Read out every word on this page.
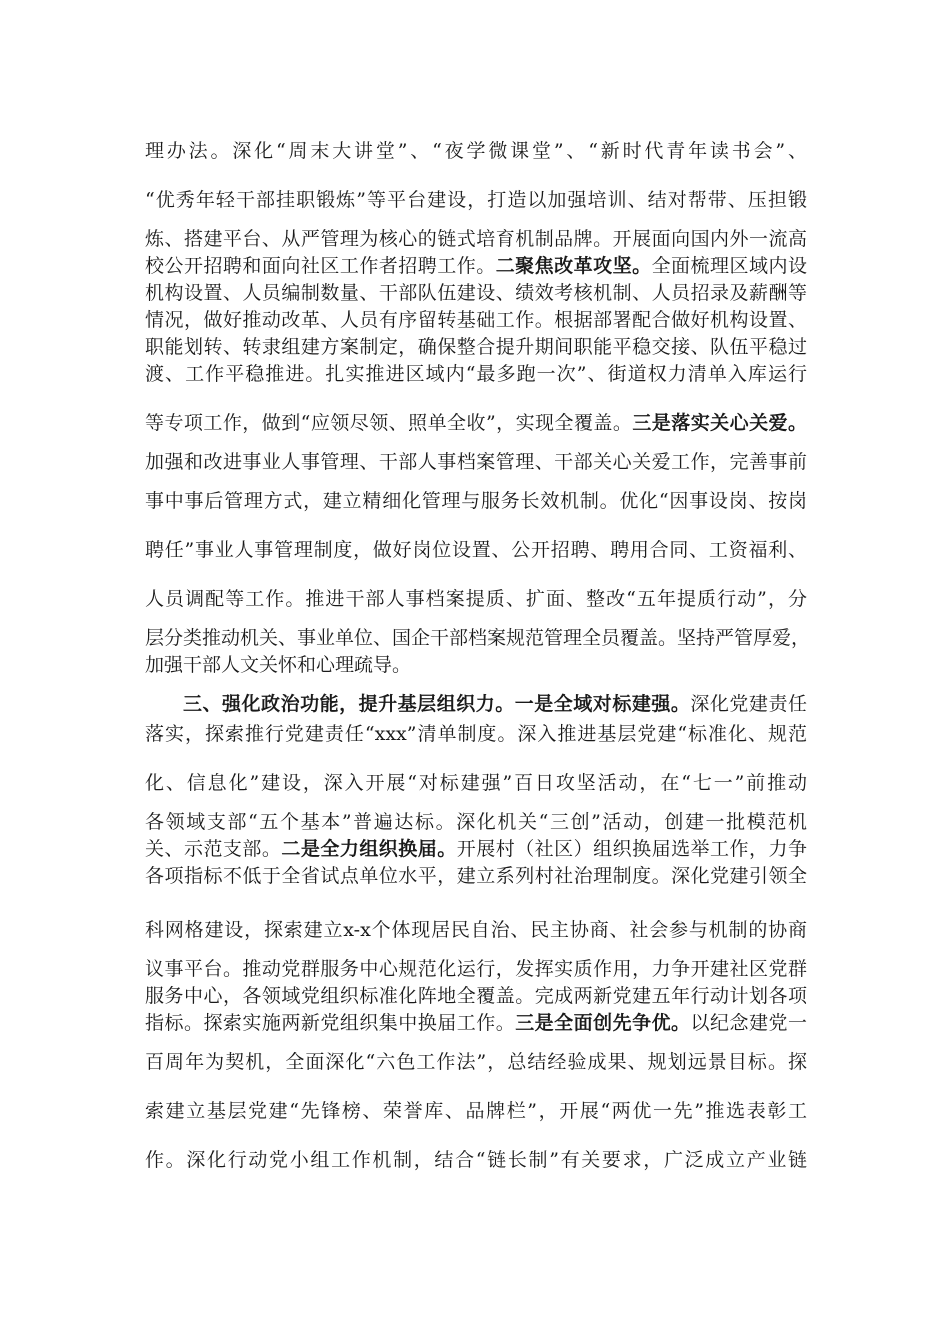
理办法。深化“周末大讲堂”、“夜学微课堂”、“新时代青年读书会”、
“优秀年轻干部挂职锻炼”等平台建设，打造以加强培训、结对帮带、压担锻
炼、搭建平台、从严管理为核心的链式培育机制品牌。开展面向国内外一流高
校公开招聘和面向社区工作者招聘工作。二聚焦改革攻坚。全面梳理区域内设
机构设置、人员编制数量、干部队伍建设、绩效考核机制、人员招录及薪酬等
情况，做好推动改革、人员有序留转基础工作。根据部署配合做好机构设置、
职能划转、转隶组建方案制定，确保整合提升期间职能平稳交接、队伍平稳过
渡、工作平稳推进。扎实推进区域内“最多跑一次”、街道权力清单入库运行
等专项工作，做到“应领尽领、照单全收”，实现全覆盖。三是落实关心关爱。
加强和改进事业人事管理、干部人事档案管理、干部关心关爱工作，完善事前
事中事后管理方式，建立精细化管理与服务长效机制。优化“因事设岗、按岗
聘任”事业人事管理制度，做好岗位设置、公开招聘、聘用合同、工资福利、
人员调配等工作。推进干部人事档案提质、扩面、整改“五年提质行动”，分
层分类推动机关、事业单位、国企干部档案规范管理全员覆盖。坚持严管厚爱，
加强干部人文关怀和心理疏导。
三、强化政治功能，提升基层组织力。一是全域对标建强。深化党建责任
落实，探索推行党建责任“xxx”清单制度。深入推进基层党建“标准化、规范
化、信息化”建设，深入开展“对标建强”百日攻坚活动，在“七一”前推动
各领域支部“五个基本”普遍达标。深化机关“三创”活动，创建一批模范机
关、示范支部。二是全力组织换届。开展村（社区）组织换届选举工作，力争
各项指标不低于全省试点单位水平，建立系列村社治理制度。深化党建引领全
科网格建设，探索建立x-x个体现居民自治、民主协商、社会参与机制的协商
议事平台。推动党群服务中心规范化运行，发挥实质作用，力争开建社区党群
服务中心，各领域党组织标准化阵地全覆盖。完成两新党建五年行动计划各项
指标。探索实施两新党组织集中换届工作。三是全面创先争优。以纪念建党一
百周年为契机，全面深化“六色工作法”，总结经验成果、规划远景目标。探
索建立基层党建“先锋榜、荣誉库、品牌栏”，开展“两优一先”推选表彰工
作。深化行动党小组工作机制，结合“链长制”有关要求，广泛成立产业链
